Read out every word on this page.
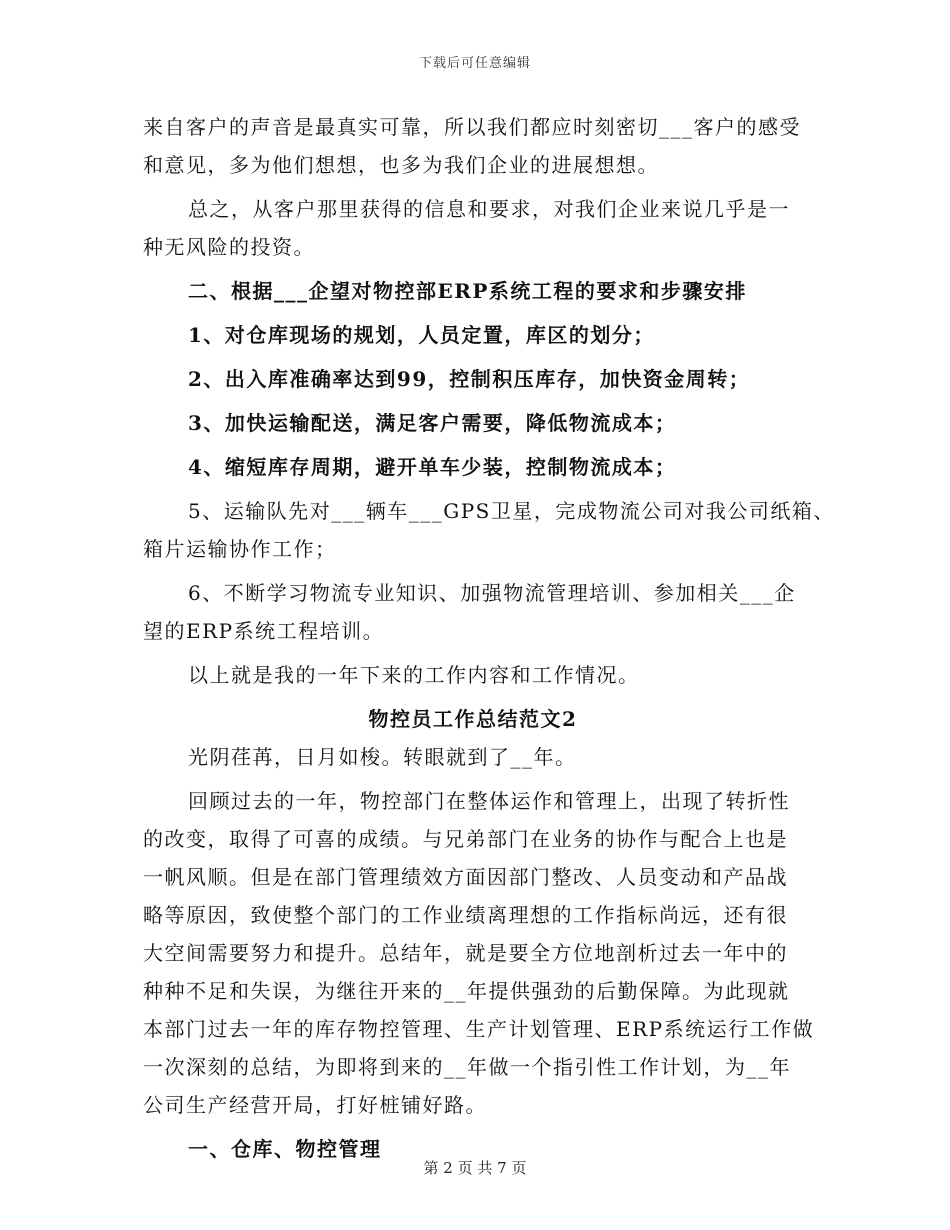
下载后可任意编辑
来自客户的声音是最真实可靠，所以我们都应时刻密切___客户的感受
和意见，多为他们想想，也多为我们企业的进展想想。
总之，从客户那里获得的信息和要求，对我们企业来说几乎是一
种无风险的投资。
二、根据___企望对物控部ERP系统工程的要求和步骤安排
1、对仓库现场的规划，人员定置，库区的划分；
2、出入库准确率达到99，控制积压库存，加快资金周转；
3、加快运输配送，满足客户需要，降低物流成本；
4、缩短库存周期，避开单车少装，控制物流成本；
5、运输队先对___辆车___GPS卫星，完成物流公司对我公司纸箱、
箱片运输协作工作；
6、不断学习物流专业知识、加强物流管理培训、参加相关___企
望的ERP系统工程培训。
以上就是我的一年下来的工作内容和工作情况。
物控员工作总结范文2
光阴荏苒，日月如梭。转眼就到了__年。
回顾过去的一年，物控部门在整体运作和管理上，出现了转折性
的改变，取得了可喜的成绩。与兄弟部门在业务的协作与配合上也是
一帆风顺。但是在部门管理绩效方面因部门整改、人员变动和产品战
略等原因，致使整个部门的工作业绩离理想的工作指标尚远，还有很
大空间需要努力和提升。总结年，就是要全方位地剖析过去一年中的
种种不足和失误，为继往开来的__年提供强劲的后勤保障。为此现就
本部门过去一年的库存物控管理、生产计划管理、ERP系统运行工作做
一次深刻的总结，为即将到来的__年做一个指引性工作计划，为__年
公司生产经营开局，打好桩铺好路。
一、仓库、物控管理
第 2 页 共 7 页
